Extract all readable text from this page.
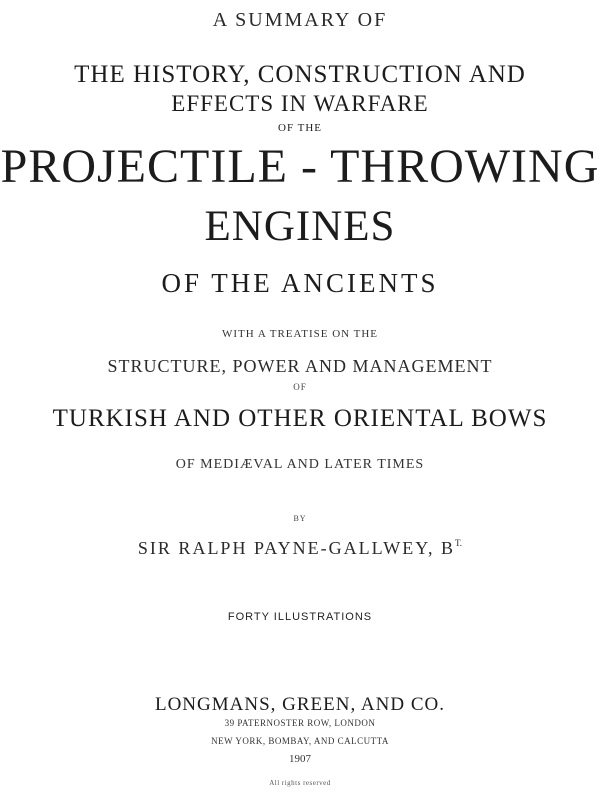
A SUMMARY OF
THE HISTORY, CONSTRUCTION AND
EFFECTS IN WARFARE
OF THE
PROJECTILE - THROWING
ENGINES
OF THE ANCIENTS
WITH A TREATISE ON THE
STRUCTURE, POWER AND MANAGEMENT
OF
TURKISH AND OTHER ORIENTAL BOWS
OF MEDIÆVAL AND LATER TIMES
BY
SIR RALPH PAYNE-GALLWEY, $B^{T.}$
FORTY ILLUSTRATIONS
LONGMANS, GREEN, AND CO.
39 PATERNOSTER ROW, LONDON
NEW YORK, BOMBAY, AND CALCUTTA
1907
All rights reserved
